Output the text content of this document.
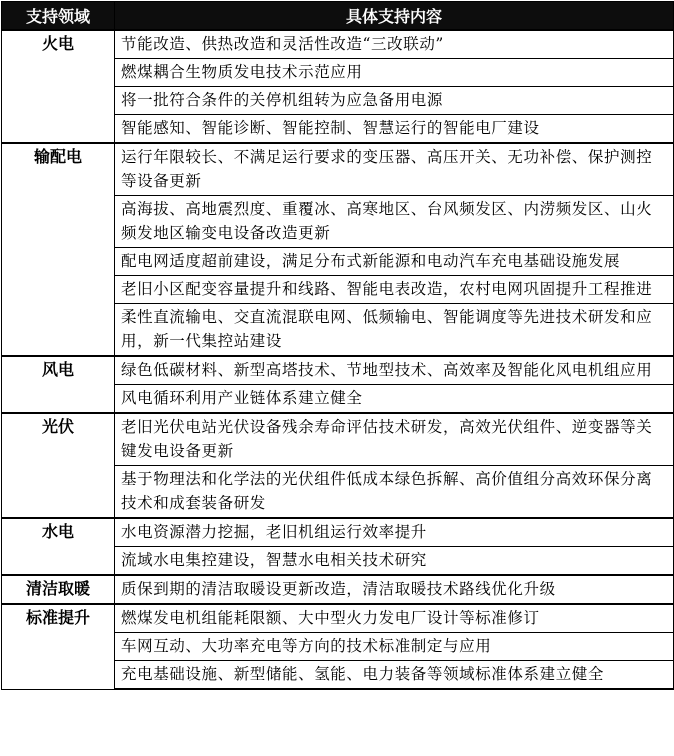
支持领域	具体支持内容
火电	节能改造、供热改造和灵活性改造“三改联动”
	燃煤耦合生物质发电技术示范应用
	将一批符合条件的关停机组转为应急备用电源
	智能感知、智能诊断、智能控制、智慧运行的智能电厂建设
输配电	运行年限较长、不满足运行要求的变压器、高压开关、无功补偿、保护测控等设备更新
	高海拔、高地震烈度、重覆冰、高寒地区、台风频发区、内涝频发区、山火频发地区输变电设备改造更新
	配电网适度超前建设，满足分布式新能源和电动汽车充电基础设施发展
	老旧小区配变容量提升和线路、智能电表改造，农村电网巩固提升工程推进
	柔性直流输电、交直流混联电网、低频输电、智能调度等先进技术研发和应用，新一代集控站建设
风电	绿色低碳材料、新型高塔技术、节地型技术、高效率及智能化风电机组应用
	风电循环利用产业链体系建立健全
光伏	老旧光伏电站光伏设备残余寿命评估技术研发，高效光伏组件、逆变器等关键发电设备更新
	基于物理法和化学法的光伏组件低成本绿色拆解、高价值组分高效环保分离技术和成套装备研发
水电	水电资源潜力挖掘，老旧机组运行效率提升
	流域水电集控建设，智慧水电相关技术研究
清洁取暖	质保到期的清洁取暖设更新改造，清洁取暖技术路线优化升级
标准提升	燃煤发电机组能耗限额、大中型火力发电厂设计等标准修订
	车网互动、大功率充电等方向的技术标准制定与应用
	充电基础设施、新型储能、氢能、电力装备等领域标准体系建立健全
